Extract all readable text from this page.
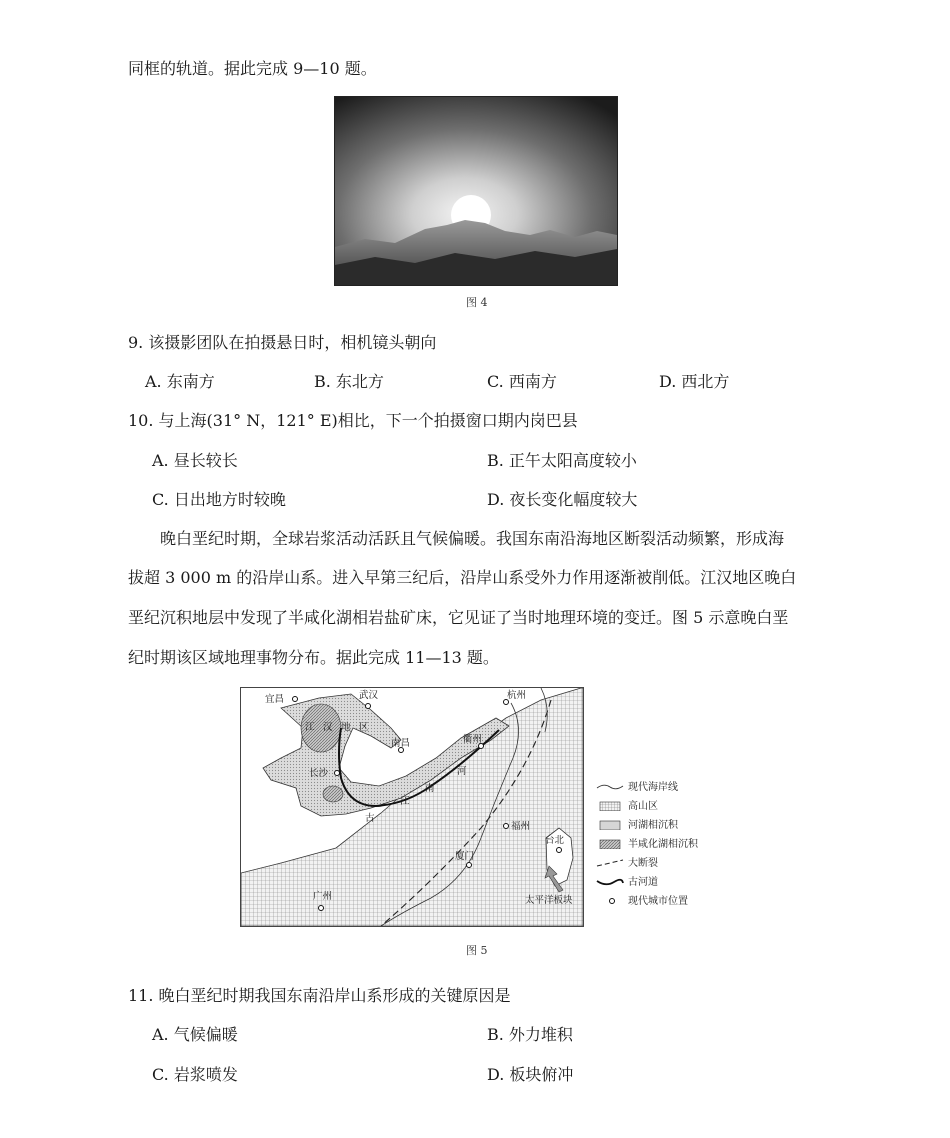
同框的轨道。据此完成 9—10 题。
图 4
9. 该摄影团队在拍摄悬日时，相机镜头朝向
A. 东南方	B. 东北方	C. 西南方	D. 西北方
10. 与上海(31° N，121° E)相比，下一个拍摄窗口期内岗巴县
A. 昼长较长	B. 正午太阳高度较小
C. 日出地方时较晚	D. 夜长变化幅度较大
晚白垩纪时期，全球岩浆活动活跃且气候偏暖。我国东南沿海地区断裂活动频繁，形成海
拔超 3 000 m 的沿岸山系。进入早第三纪后，沿岸山系受外力作用逐渐被削低。江汉地区晚白
垩纪沉积地层中发现了半咸化湖相岩盐矿床，它见证了当时地理环境的变迁。图 5 示意晚白垩
纪时期该区域地理事物分布。据此完成 11—13 题。
宜昌	武汉	杭州
南昌	衢州
长沙
福州
台北
厦门
广州
江 汉 地 区
古
南
江
河
太平洋板块
现代海岸线
高山区
河湖相沉积
半咸化湖相沉积
大断裂
古河道
现代城市位置
图 5
11. 晚白垩纪时期我国东南沿岸山系形成的关键原因是
A. 气候偏暖	B. 外力堆积
C. 岩浆喷发	D. 板块俯冲
